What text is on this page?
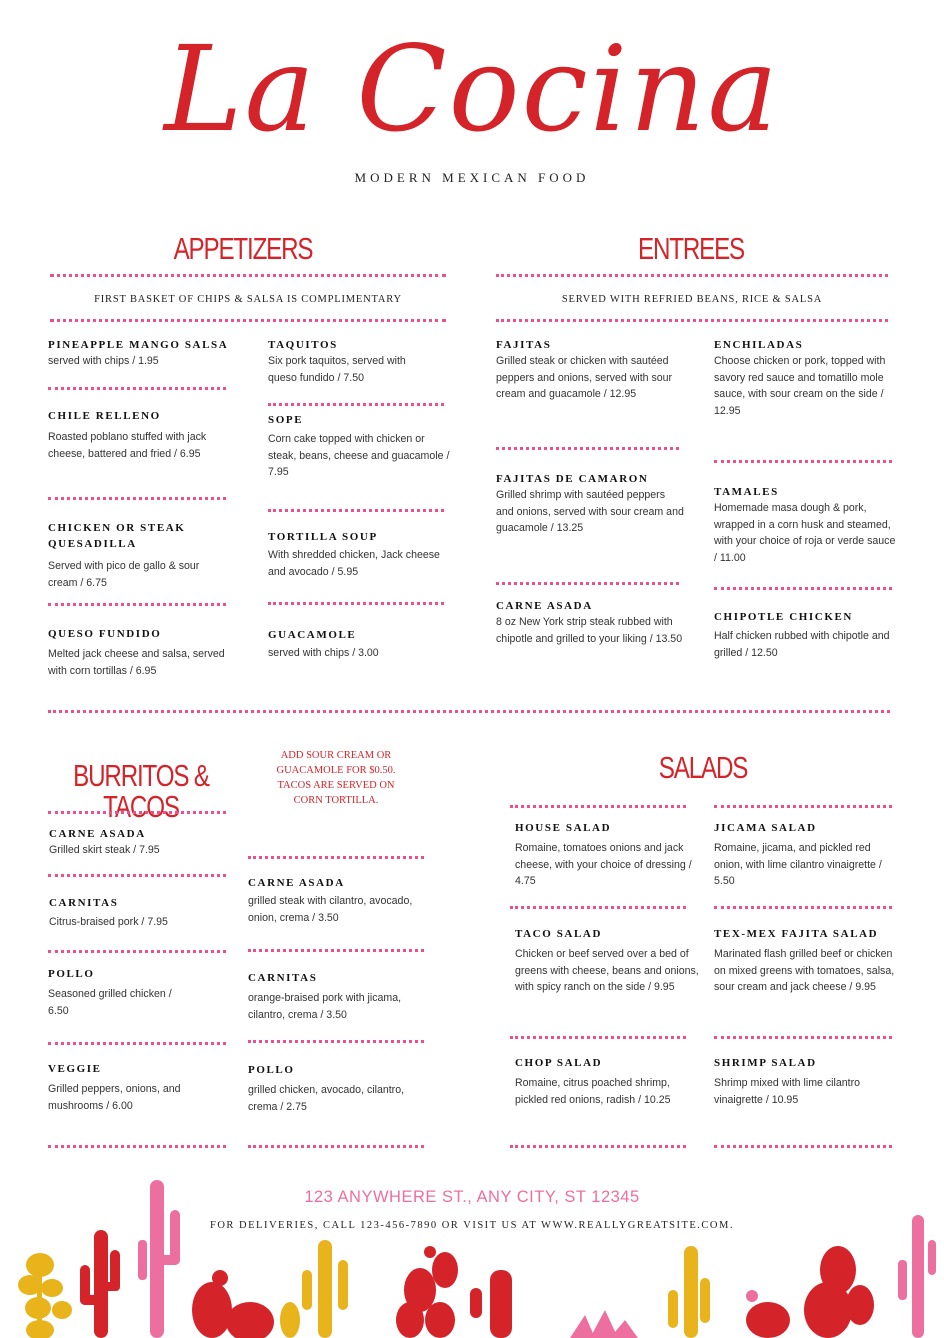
La Cocina
MODERN MEXICAN FOOD
APPETIZERS
FIRST BASKET OF CHIPS & SALSA IS COMPLIMENTARY
PINEAPPLE MANGO SALSA
served with chips / 1.95
CHILE RELLENO
Roasted poblano stuffed with jack cheese, battered and fried / 6.95
CHICKEN OR STEAK QUESADILLA
Served with pico de gallo & sour cream / 6.75
QUESO FUNDIDO
Melted jack cheese and salsa, served with corn tortillas / 6.95
TAQUITOS
Six pork taquitos, served with queso fundido / 7.50
SOPE
Corn cake topped with chicken or steak, beans, cheese and guacamole / 7.95
TORTILLA SOUP
With shredded chicken, Jack cheese and avocado / 5.95
GUACAMOLE
served with chips / 3.00
ENTREES
SERVED WITH REFRIED BEANS, RICE & SALSA
FAJITAS
Grilled steak or chicken with sautéed peppers and onions, served with sour cream and guacamole / 12.95
FAJITAS DE CAMARON
Grilled shrimp with sautéed peppers and onions, served with sour cream and guacamole / 13.25
CARNE ASADA
8 oz New York strip steak rubbed with chipotle and grilled to your liking / 13.50
ENCHILADAS
Choose chicken or pork, topped with savory red sauce and tomatillo mole sauce, with sour cream on the side / 12.95
TAMALES
Homemade masa dough & pork, wrapped in a corn husk and steamed, with your choice of roja or verde sauce / 11.00
CHIPOTLE CHICKEN
Half chicken rubbed with chipotle and grilled / 12.50
BURRITOS & TACOS
ADD SOUR CREAM OR GUACAMOLE FOR $0.50. TACOS ARE SERVED ON CORN TORTILLA.
CARNE ASADA
Grilled skirt steak / 7.95
CARNITAS
Citrus-braised pork / 7.95
POLLO
Seasoned grilled chicken / 6.50
VEGGIE
Grilled peppers, onions, and mushrooms / 6.00
CARNE ASADA
grilled steak with cilantro, avocado, onion, crema / 3.50
CARNITAS
orange-braised pork with jicama, cilantro, crema / 3.50
POLLO
grilled chicken, avocado, cilantro, crema / 2.75
SALADS
HOUSE SALAD
Romaine, tomatoes onions and jack cheese, with your choice of dressing / 4.75
TACO SALAD
Chicken or beef served over a bed of greens with cheese, beans and onions, with spicy ranch on the side / 9.95
CHOP SALAD
Romaine, citrus poached shrimp, pickled red onions, radish / 10.25
JICAMA SALAD
Romaine, jicama, and pickled red onion, with lime cilantro vinaigrette / 5.50
TEX-MEX FAJITA SALAD
Marinated flash grilled beef or chicken on mixed greens with tomatoes, salsa, sour cream and jack cheese / 9.95
SHRIMP SALAD
Shrimp mixed with lime cilantro vinaigrette / 10.95
123 ANYWHERE ST., ANY CITY, ST 12345
FOR DELIVERIES, CALL 123-456-7890 OR VISIT US AT WWW.REALLYGREATSITE.COM.
